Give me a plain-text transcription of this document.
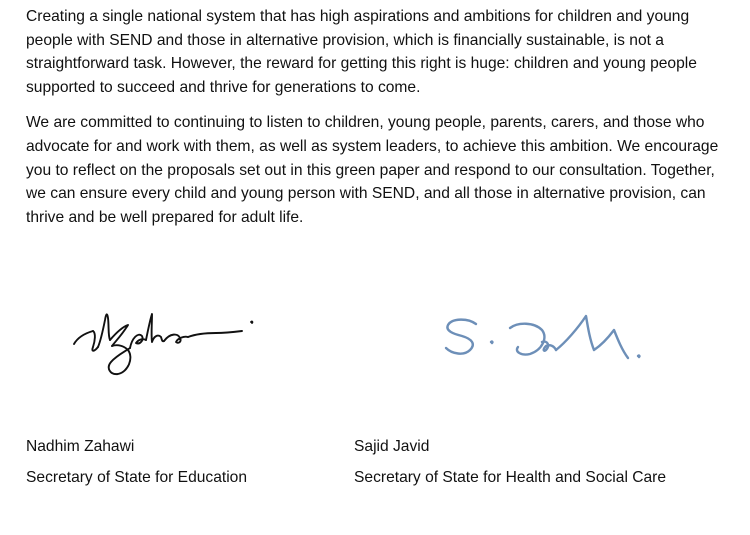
Creating a single national system that has high aspirations and ambitions for children and young people with SEND and those in alternative provision, which is financially sustainable, is not a straightforward task. However, the reward for getting this right is huge: children and young people supported to succeed and thrive for generations to come.

We are committed to continuing to listen to children, young people, parents, carers, and those who advocate for and work with them, as well as system leaders, to achieve this ambition. We encourage you to reflect on the proposals set out in this green paper and respond to our consultation. Together, we can ensure every child and young person with SEND, and all those in alternative provision, can thrive and be well prepared for adult life.

Nadhim Zahawi
Secretary of State for Education
Sajid Javid
Secretary of State for Health and Social Care
